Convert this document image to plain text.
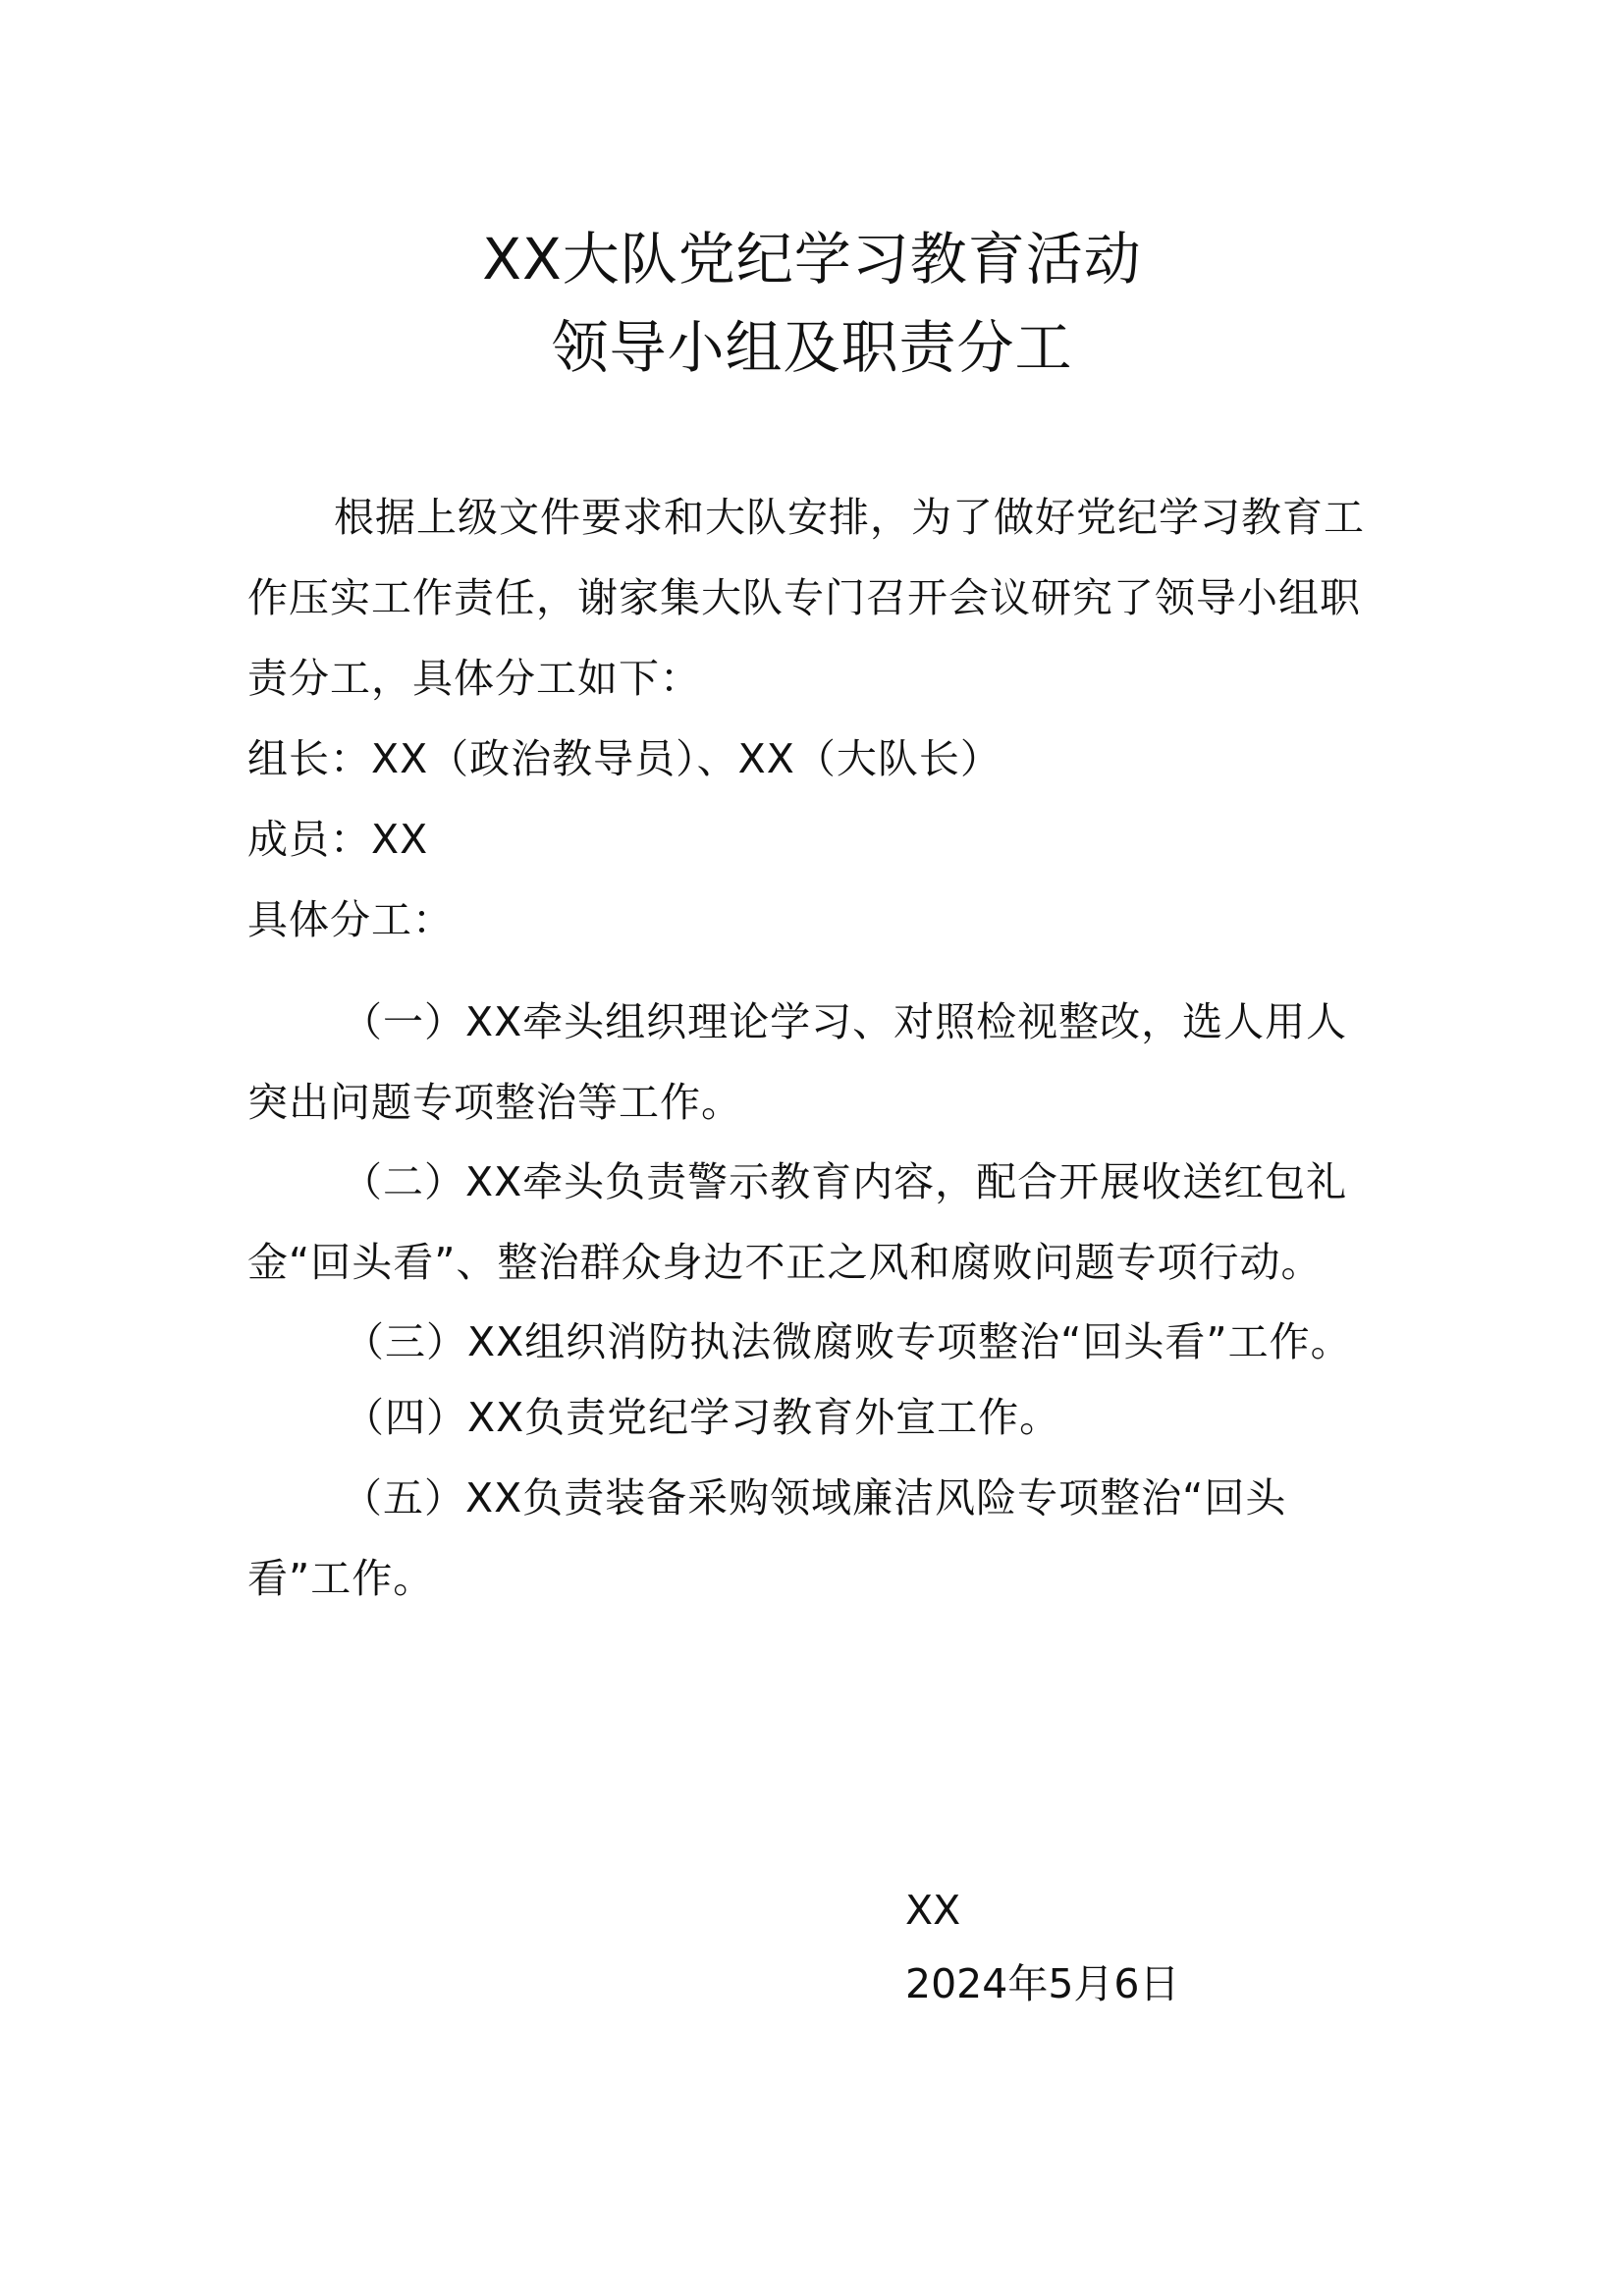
XX大队党纪学习教育活动
领导小组及职责分工
根据上级文件要求和大队安排，为了做好党纪学习教育工作压实工作责任，谢家集大队专门召开会议研究了领导小组职责分工，具体分工如下：
组长：XX（政治教导员）、XX（大队长）
成员：XX
具体分工：
（一）XX牵头组织理论学习、对照检视整改，选人用人突出问题专项整治等工作。
（二）XX牵头负责警示教育内容，配合开展收送红包礼金“回头看”、整治群众身边不正之风和腐败问题专项行动。
（三）XX组织消防执法微腐败专项整治“回头看”工作。
（四）XX负责党纪学习教育外宣工作。
（五）XX负责装备采购领域廉洁风险专项整治“回头看”工作。
XX
2024年5月6日
